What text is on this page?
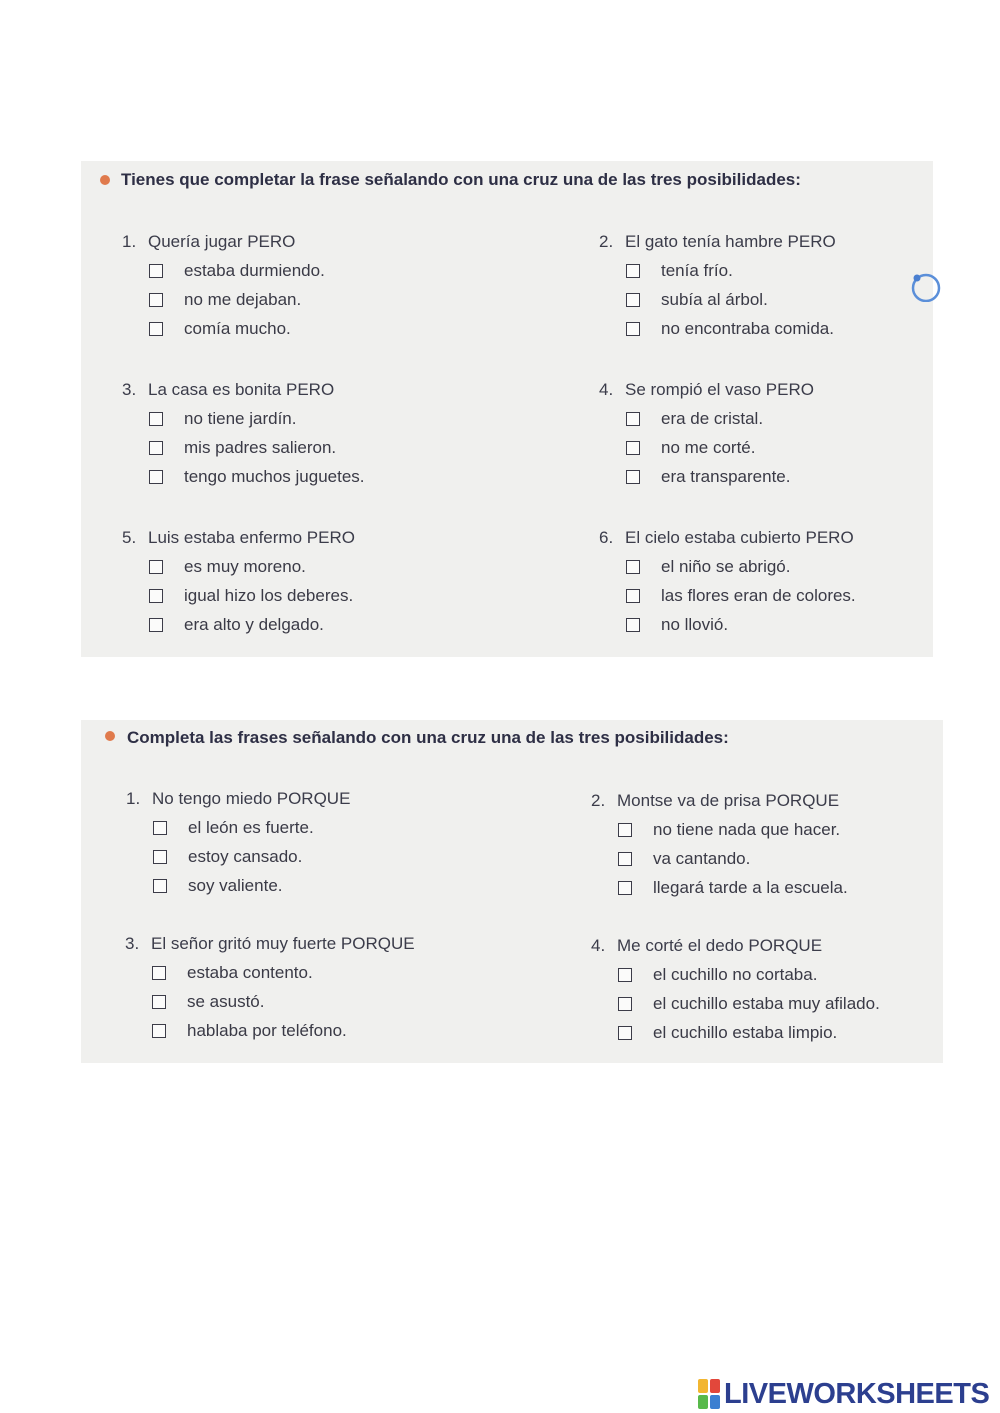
Tienes que completar la frase señalando con una cruz una de las tres posibilidades:
1. Quería jugar PERO
estaba durmiendo.
no me dejaban.
comía mucho.
2. El gato tenía hambre PERO
tenía frío.
subía al árbol.
no encontraba comida.
3. La casa es bonita PERO
no tiene jardín.
mis padres salieron.
tengo muchos juguetes.
4. Se rompió el vaso PERO
era de cristal.
no me corté.
era transparente.
5. Luis estaba enfermo PERO
es muy moreno.
igual hizo los deberes.
era alto y delgado.
6. El cielo estaba cubierto PERO
el niño se abrigó.
las flores eran de colores.
no llovió.
Completa las frases señalando con una cruz una de las tres posibilidades:
1. No tengo miedo PORQUE
el león es fuerte.
estoy cansado.
soy valiente.
2. Montse va de prisa PORQUE
no tiene nada que hacer.
va cantando.
llegará tarde a la escuela.
3. El señor gritó muy fuerte PORQUE
estaba contento.
se asustó.
hablaba por teléfono.
4. Me corté el dedo PORQUE
el cuchillo no cortaba.
el cuchillo estaba muy afilado.
el cuchillo estaba limpio.
LIVEWORKSHEETS
